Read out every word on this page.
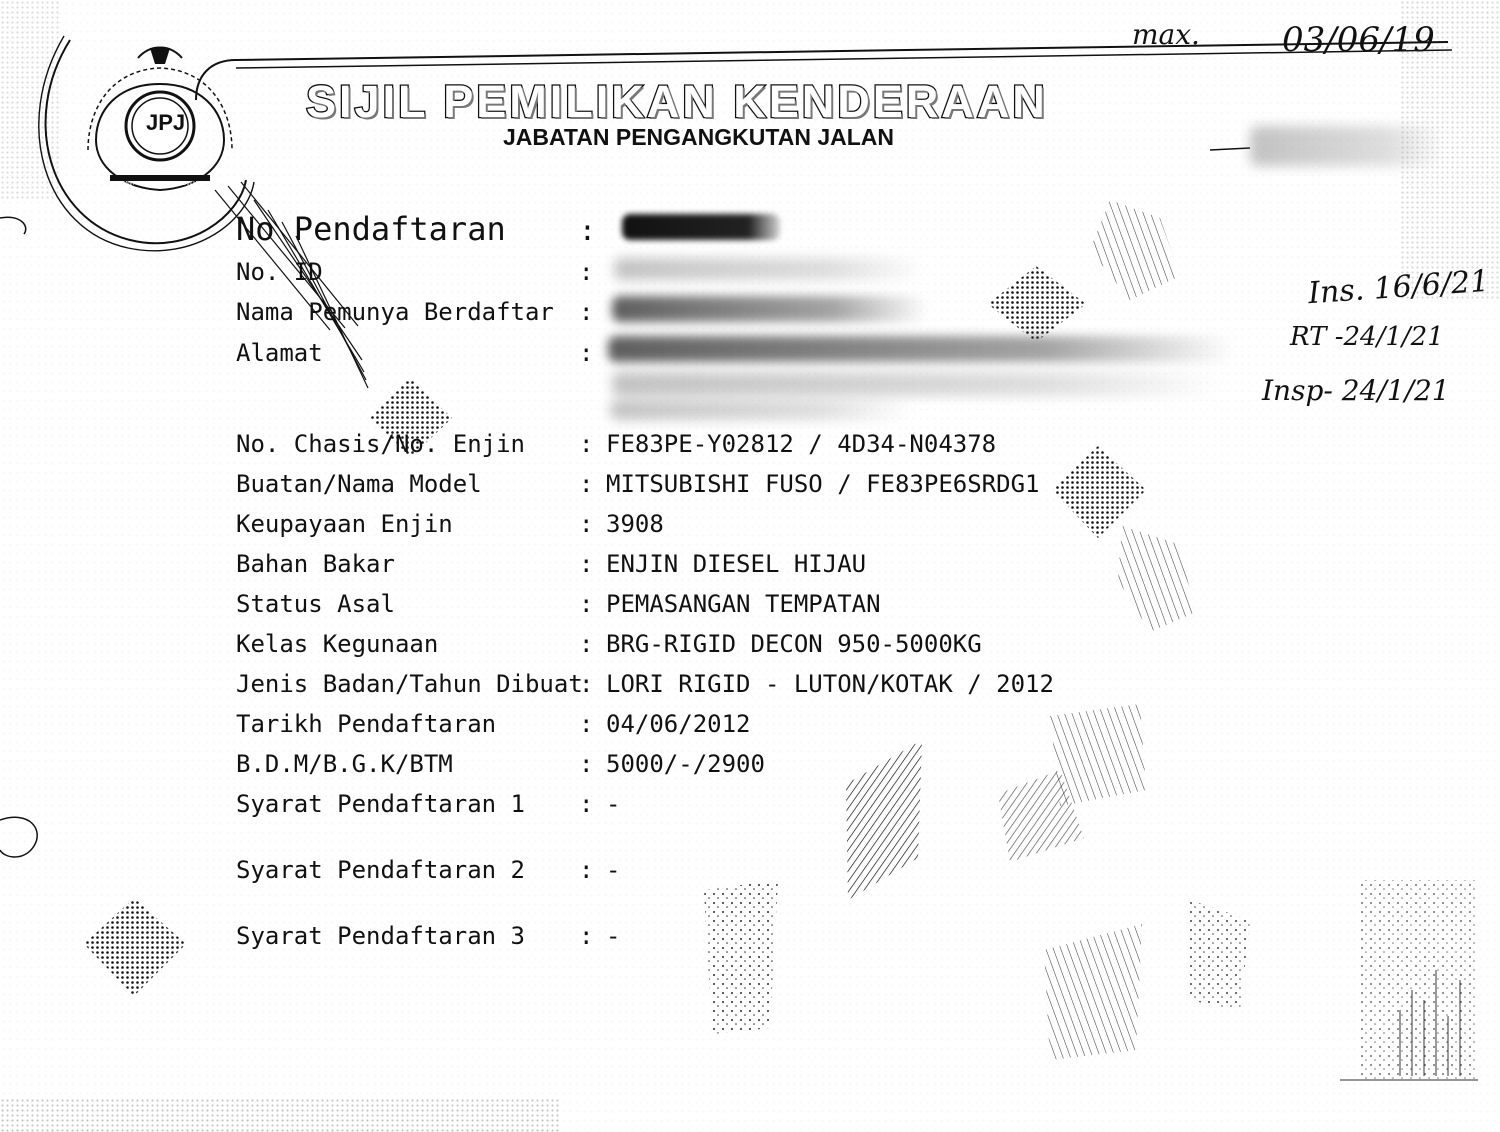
SIJIL PEMILIKAN KENDERAAN
JABATAN PENGANGKUTAN JALAN
JPJ
JABATAN PENGANGKUTAN JALAN MALAYSIA
max. 03/06/19
Ins. 16/6/21
RT -24/1/21
Insp- 24/1/21
No Pendaftaran	:
No. ID	:
Nama Pemunya Berdaftar :
Alamat	:
No. Chasis/No. Enjin : FE83PE-Y02812 / 4D34-N04378
Buatan/Nama Model	: MITSUBISHI FUSO / FE83PE6SRDG1
Keupayaan Enjin	: 3908
Bahan Bakar	: ENJIN DIESEL HIJAU
Status Asal	: PEMASANGAN TEMPATAN
Kelas Kegunaan	: BRG-RIGID DECON 950-5000KG
Jenis Badan/Tahun Dibuat
: LORI RIGID - LUTON/KOTAK / 2012
Tarikh Pendaftaran	: 04/06/2012
B.D.M/B.G.K/BTM	: 5000/-/2900
Syarat Pendaftaran 1 : -
Syarat Pendaftaran 2 : -
Syarat Pendaftaran 3 : -
